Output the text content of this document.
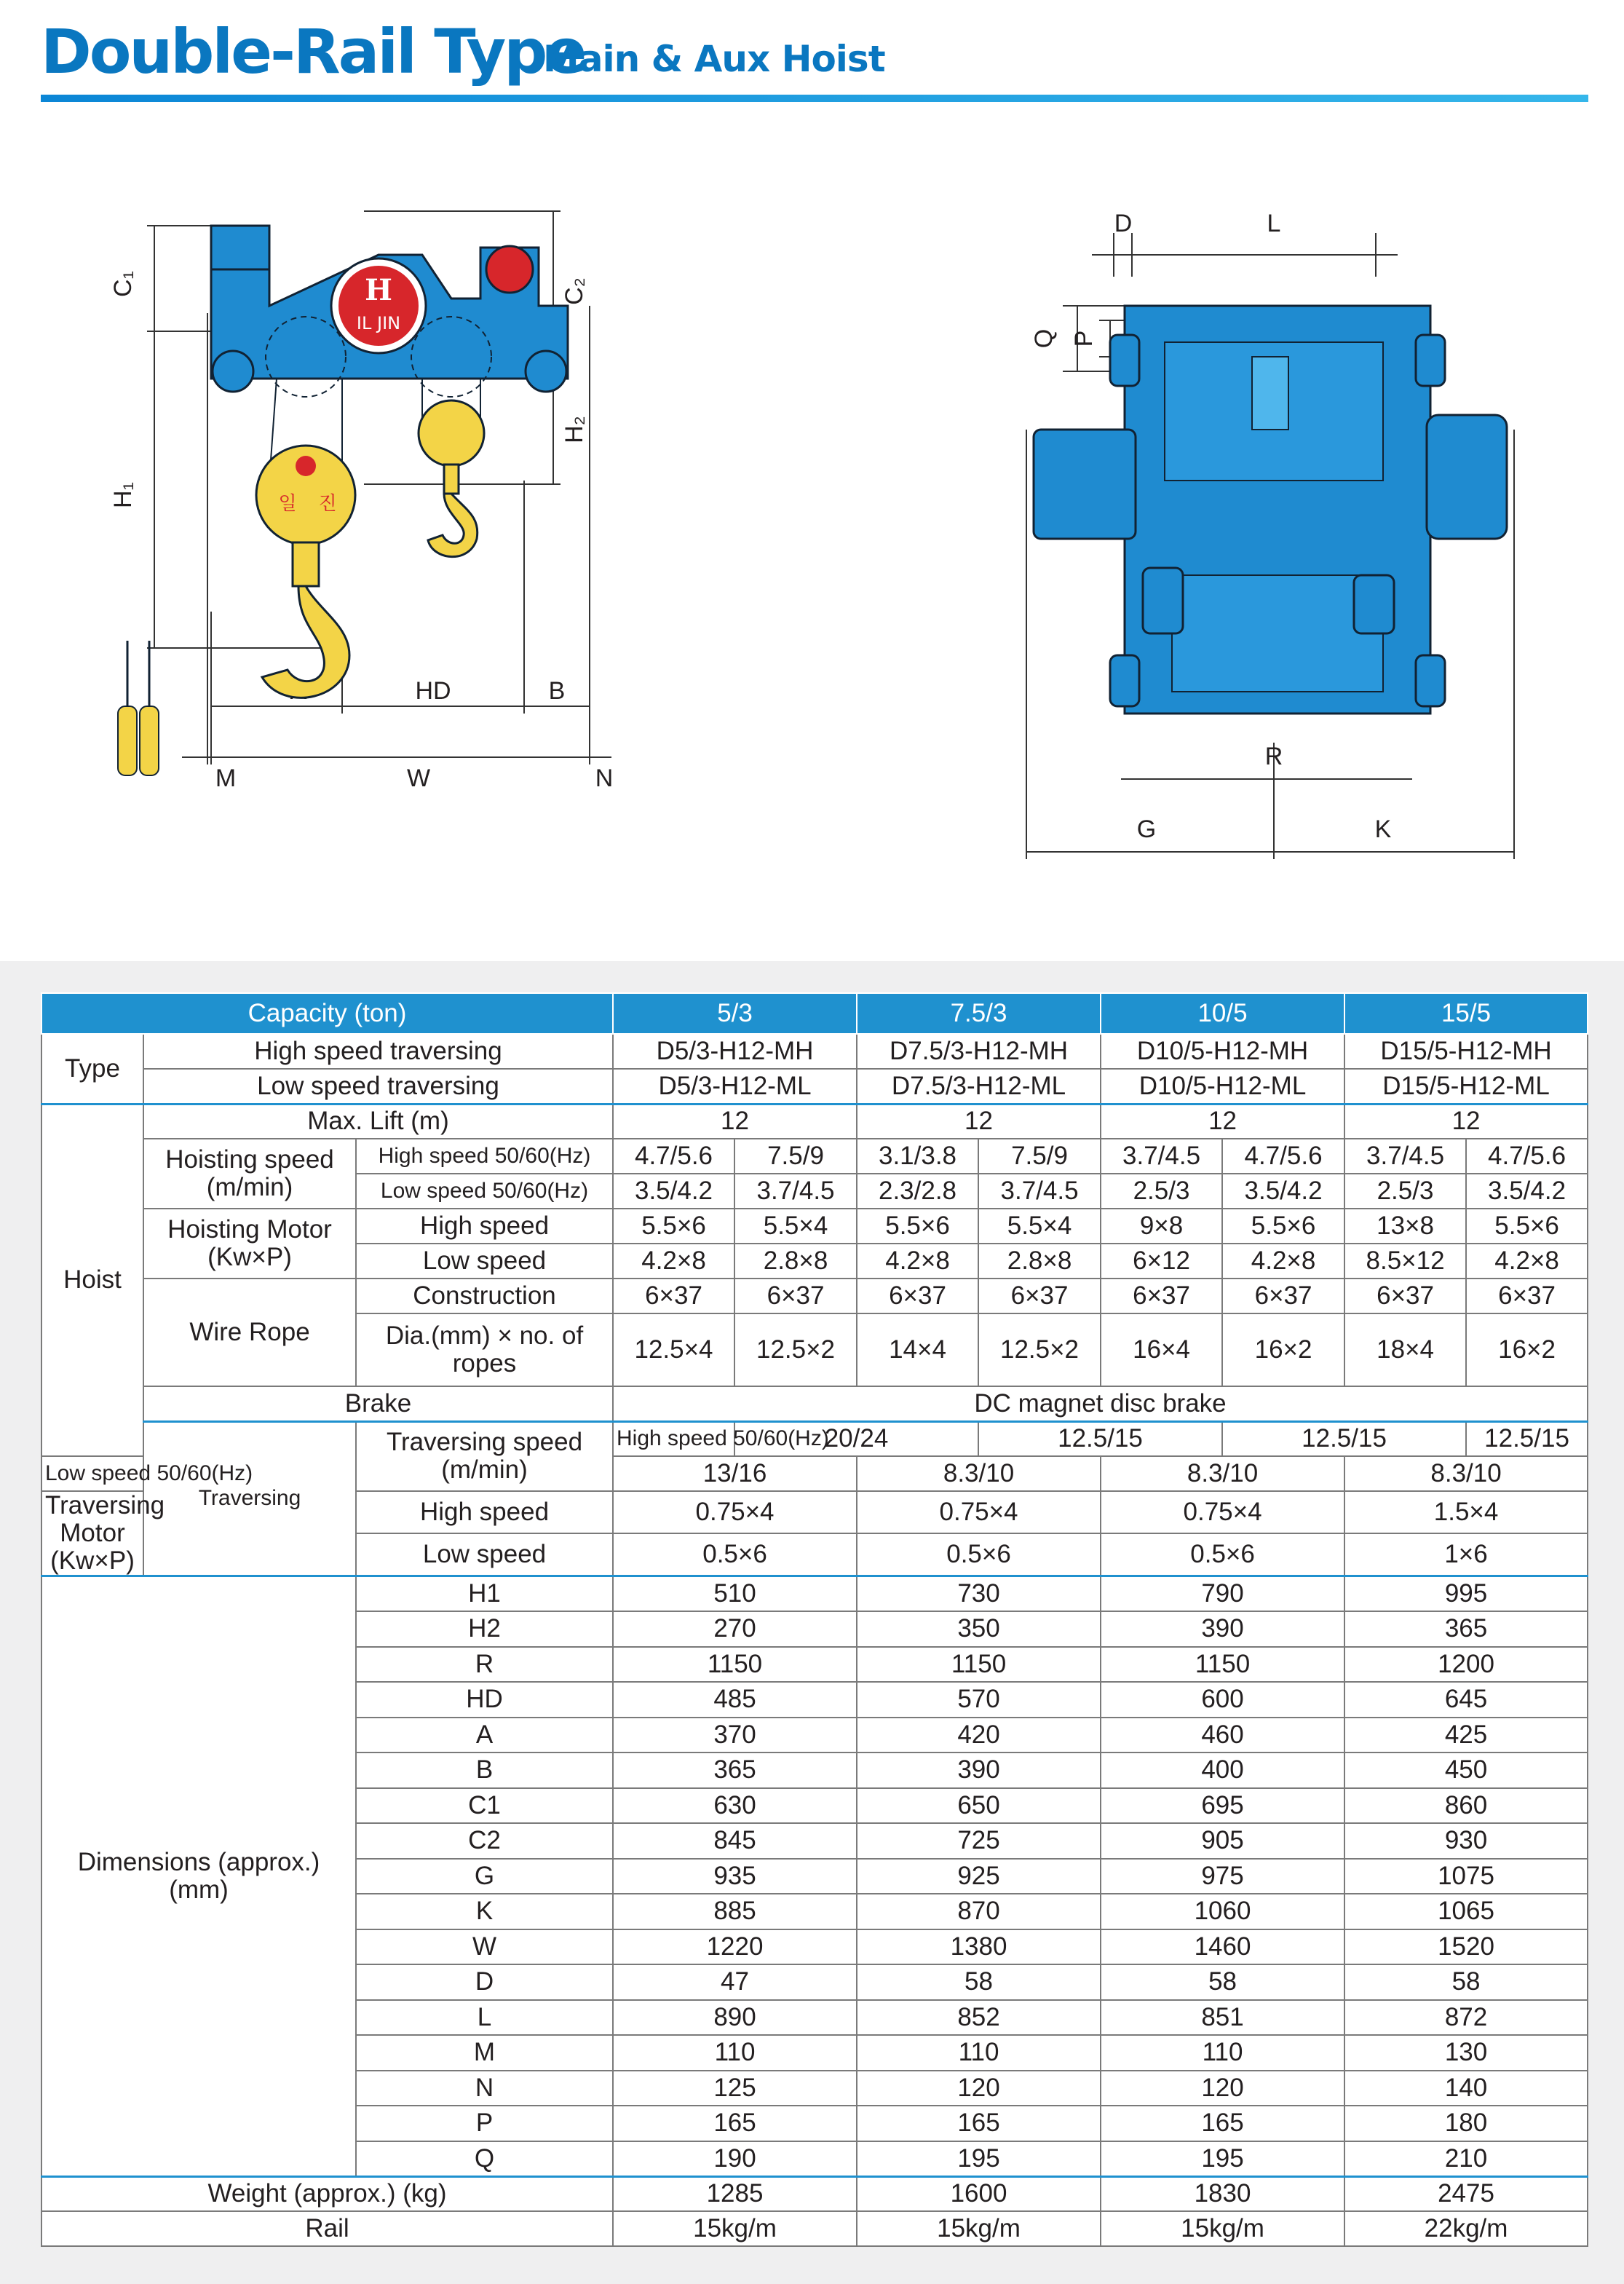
Double-Rail Type
Main & Aux Hoist
C₁
H₁
C₂
H₂
HD	B
M	W	N
H
IL JIN
일 진
D	L
Q P
R
G	K
Capacity (ton)			5/3		7.5/3		10/5		15/5	
Type	High speed traversing		D5/3-H12-MH		D7.5/3-H12-MH		D10/5-H12-MH		D15/5-H12-MH	
	Low speed traversing		D5/3-H12-ML		D7.5/3-H12-ML		D10/5-H12-ML		D15/5-H12-ML	
Hoist	Max. Lift (m)		12		12		12		12	
	Hoisting speed (m/min)	High speed 50/60(Hz)	4.7/5.6	7.5/9	3.1/3.8	7.5/9	3.7/4.5	4.7/5.6	3.7/4.5	4.7/5.6
		Low speed 50/60(Hz)	3.5/4.2	3.7/4.5	2.3/2.8	3.7/4.5	2.5/3	3.5/4.2	2.5/3	3.5/4.2
	Hoisting Motor (Kw×P)	High speed	5.5×6	5.5×4	5.5×6	5.5×4	9×8	5.5×6	13×8	5.5×6
		Low speed	4.2×8	2.8×8	4.2×8	2.8×8	6×12	4.2×8	8.5×12	4.2×8
	Wire Rope	Construction	6×37	6×37	6×37	6×37	6×37	6×37	6×37	6×37
		Dia.(mm) × no. of ropes	12.5×4	12.5×2	14×4	12.5×2	16×4	16×2	18×4	16×2

	Brake		DC magnet disc brake							
	Traversing	Traversing speed (m/min)	High speed 50/60(Hz)	20/24		12.5/15		12.5/15		12.5/15
Low speed 50/60(Hz)			13/16		8.3/10		8.3/10		8.3/10	
Traversing Motor (Kw×P)		High speed	0.75×4		0.75×4		0.75×4		1.5×4	
		Low speed	0.5×6		0.5×6		0.5×6		1×6	
Dimensions (approx.) (mm)		H1	510		730		790		995	
		H2	270		350		390		365	
		R	1150		1150		1150		1200	
		HD	485		570		600		645	
		A	370		420		460		425	
		B	365		390		400		450	
		C1	630		650		695		860	
		C2	845		725		905		930	
		G	935		925		975		1075	
		K	885		870		1060		1065	
		W	1220		1380		1460		1520	
		D	47		58		58		58	
		L	890		852		851		872	
		M	110		110		110		130	
		N	125		120		120		140	
		P	165		165		165		180	
		Q	190		195		195		210	
Weight (approx.) (kg)			1285		1600		1830		2475	
Rail			15kg/m		15kg/m		15kg/m		22kg/m	
